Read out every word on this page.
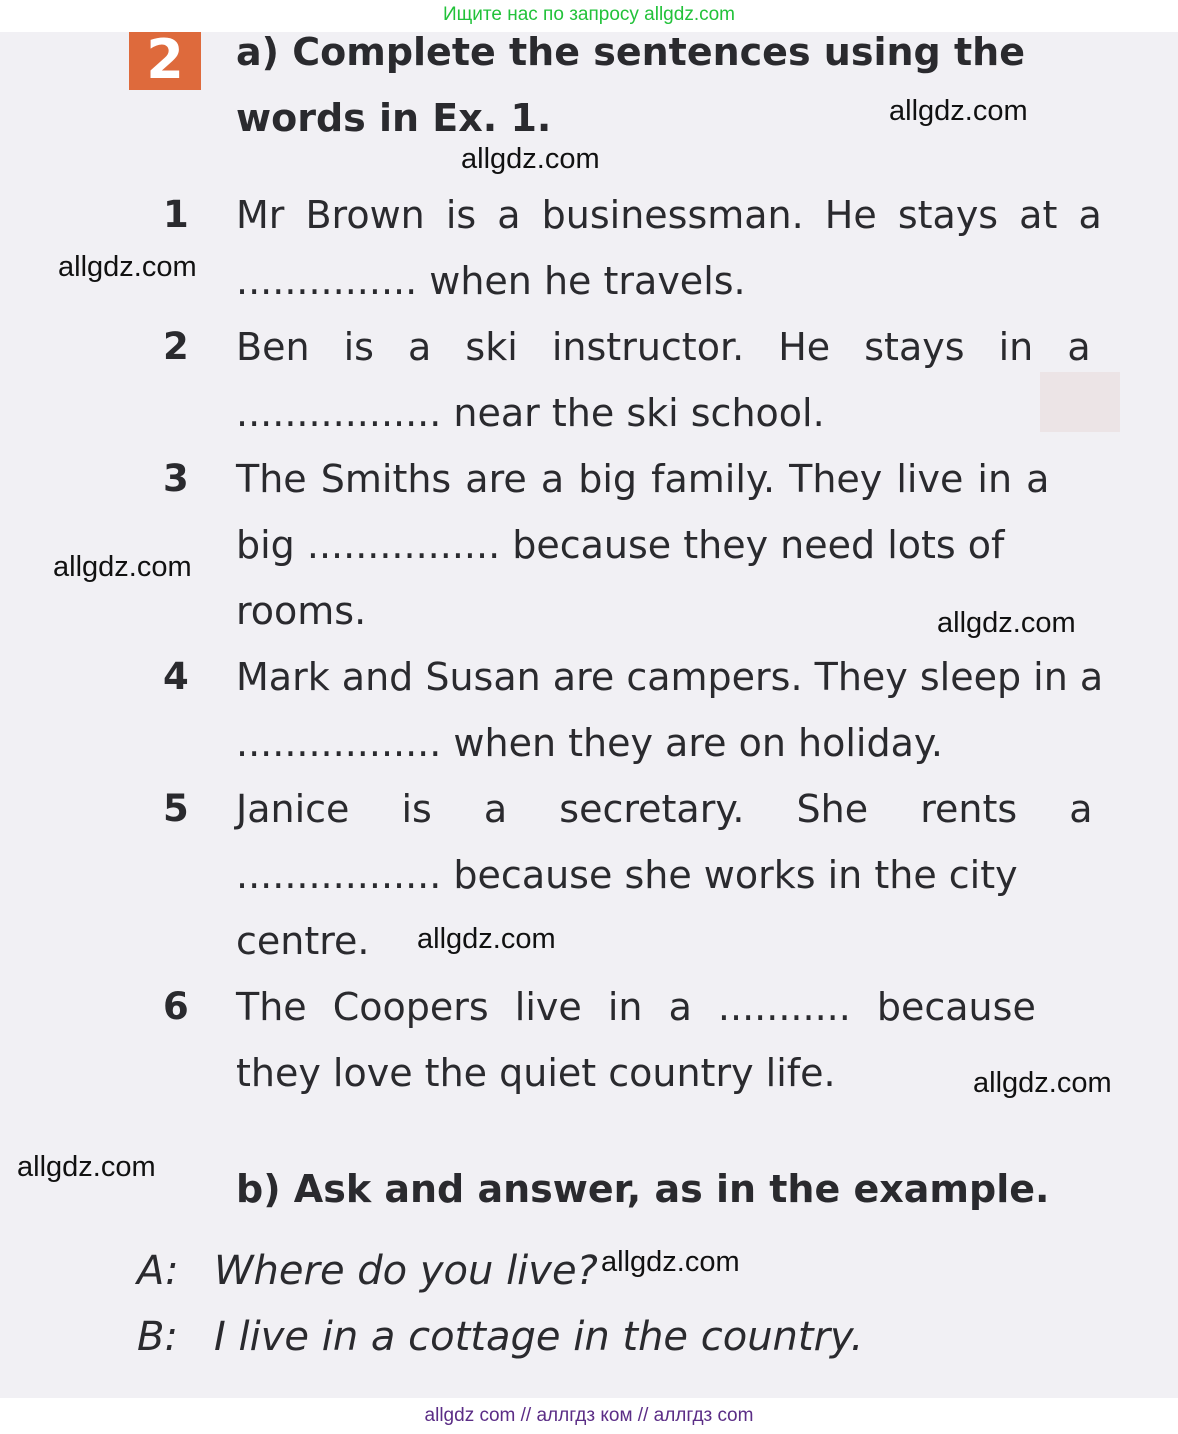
Ищите нас по запросу allgdz.com
2	a) Complete the sentences using the
words in Ex. 1.
1 Mr Brown is a businessman. He stays at a
............... when he travels.
2 Ben is a ski instructor. He stays in a
................. near the ski school.
3 The Smiths are a big family. They live in a
big ................ because they need lots of
rooms.
4 Mark and Susan are campers. They sleep in a
................. when they are on holiday.
5 Janice is a secretary. She rents a
................. because she works in the city
centre.
6 The Coopers live in a ........... because
they love the quiet country life.
b) Ask and answer, as in the example.
A: Where do you live?
B: I live in a cottage in the country.
allgdz.com
allgdz.com
allgdz.com
allgdz.com
allgdz.com
allgdz.com
allgdz.com
allgdz.com
allgdz.com
allgdz com // аллгдз ком // аллгдз com
